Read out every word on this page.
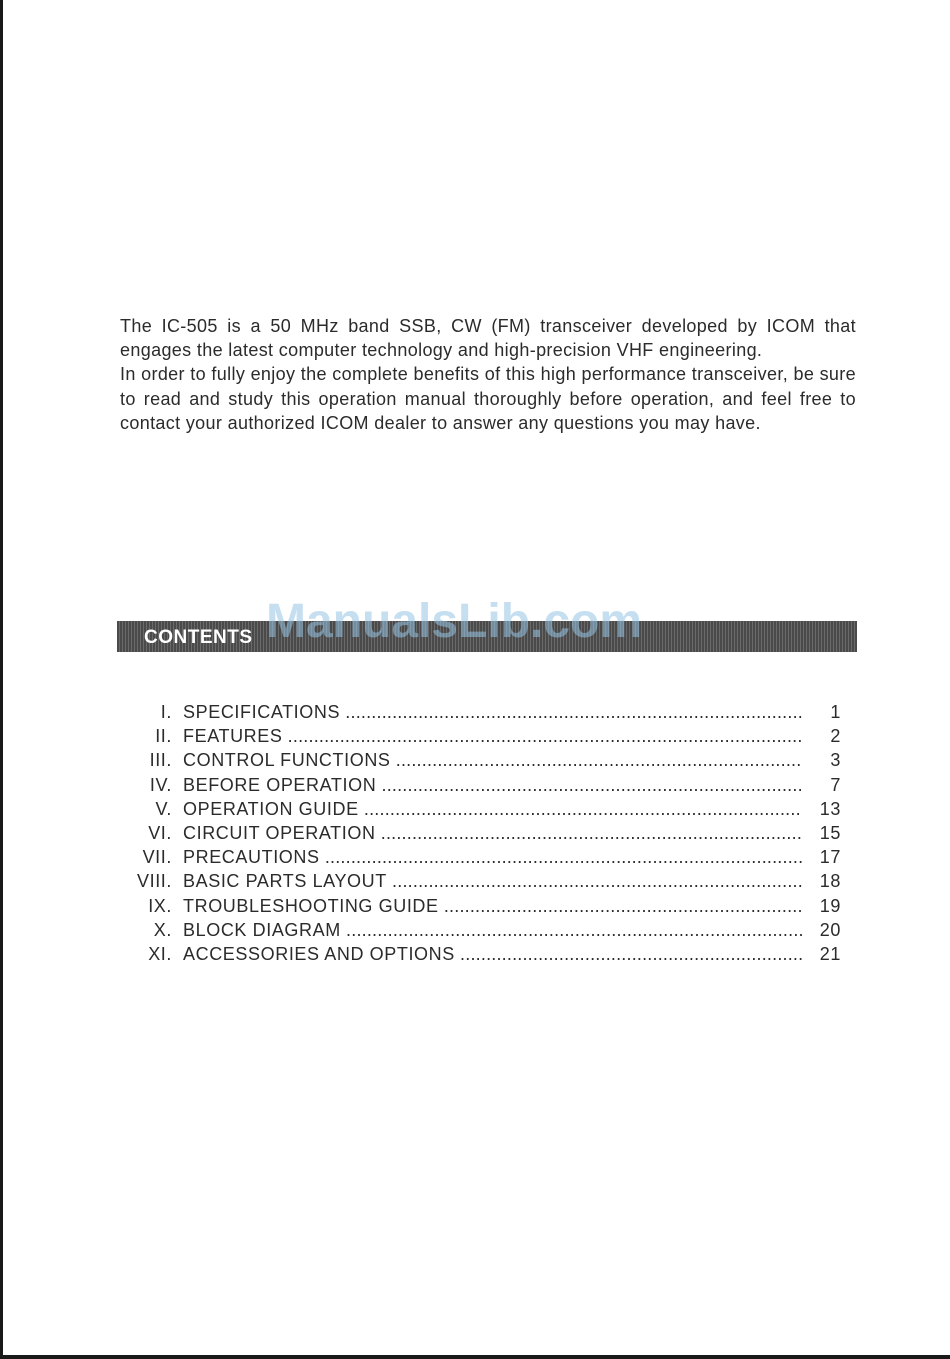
The IC-505 is a 50 MHz band SSB, CW (FM) transceiver developed by ICOM that engages the latest computer technology and high-precision VHF engineering.

In order to fully enjoy the complete benefits of this high performance transceiver, be sure to read and study this operation manual thoroughly before operation, and feel free to contact your authorized ICOM dealer to answer any questions you may have.

CONTENTS ManualsLib.com
I. SPECIFICATIONS .....	1
II. FEATURES .....	2
III. CONTROL FUNCTIONS .....	3
IV. BEFORE OPERATION .....	7
V. OPERATION GUIDE .....	13
VI. CIRCUIT OPERATION .....	15
VII. PRECAUTIONS .....	17
VIII. BASIC PARTS LAYOUT .....	18
IX. TROUBLESHOOTING GUIDE .....	19
X. BLOCK DIAGRAM .....	20
XI. ACCESSORIES AND OPTIONS .....	21
